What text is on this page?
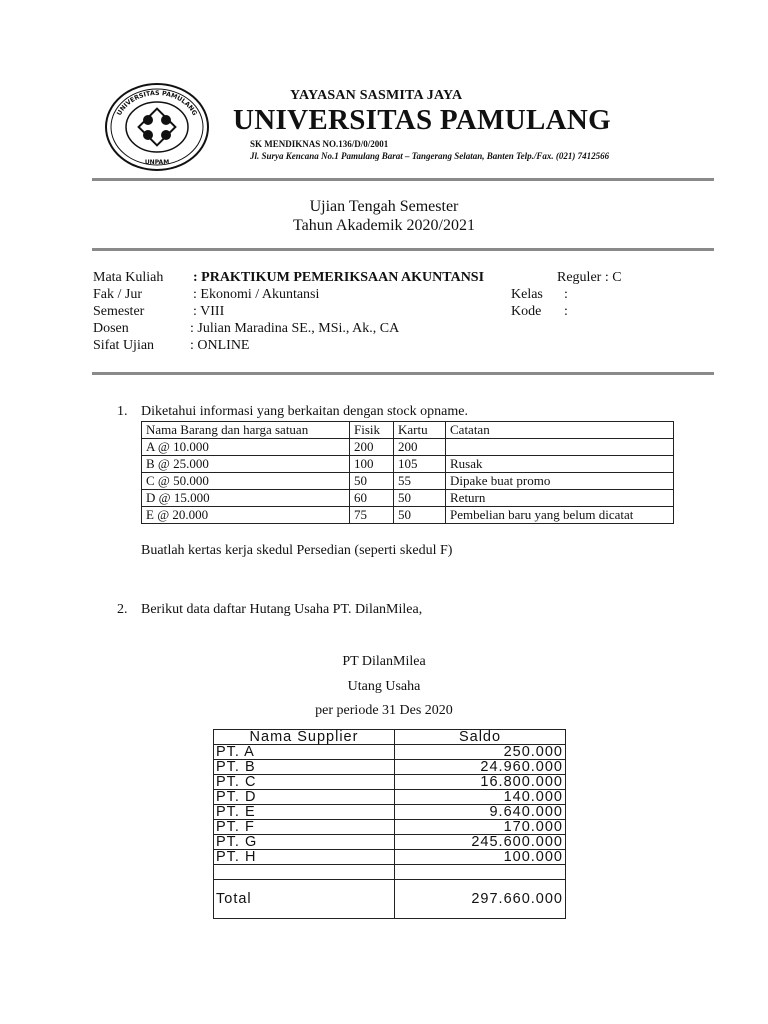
UNIVERSITAS PAMULANG
UNPAM
YAYASAN SASMITA JAYA
UNIVERSITAS PAMULANG
SK MENDIKNAS NO.136/D/0/2001
Jl. Surya Kencana No.1 Pamulang Barat – Tangerang Selatan, Banten Telp./Fax. (021) 7412566
Ujian Tengah Semester
Tahun Akademik 2020/2021
Mata Kuliah : PRAKTIKUM PEMERIKSAAN AKUNTANSI	Reguler : C
Fak / Jur	: Ekonomi / Akuntansi	Kelas :
Semester	: VIII	Kode :
Dosen	: Julian Maradina SE., MSi., Ak., CA
Sifat Ujian	: ONLINE
1. Diketahui informasi yang berkaitan dengan stock opname.
Nama Barang dan harga satuan	Fisik	Kartu	Catatan
A @ 10.000	200	200	
B @ 25.000	100	105	Rusak
C @ 50.000	50	55	Dipake buat promo
D @ 15.000	60	50	Return
E @ 20.000	75	50	Pembelian baru yang belum dicatat
Buatlah kertas kerja skedul Persedian (seperti skedul F)
2. Berikut data daftar Hutang Usaha PT. DilanMilea,
PT DilanMilea
Utang Usaha
per periode 31 Des 2020
Nama Supplier	Saldo
PT. A	250.000
PT. B	24.960.000
PT. C	16.800.000
PT. D	140.000
PT. E	9.640.000
PT. F	170.000
PT. G	245.600.000
PT. H	100.000

Total	297.660.000
